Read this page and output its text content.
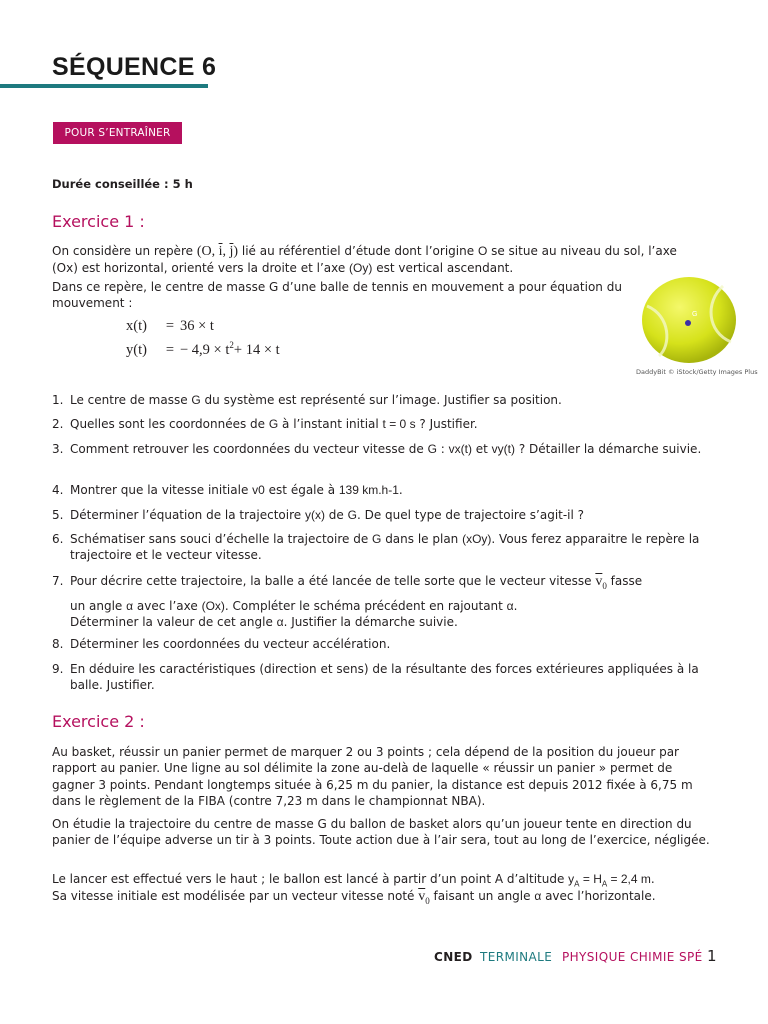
SÉQUENCE 6
POUR S’ENTRAÎNER
Durée conseillée : 5 h
Exercice 1 :
On considère un repère (O, $\overline{i}$, $\overline{j}$) lié au référentiel d’étude dont l’origine O se situe au niveau du sol, l’axe (Ox) est horizontal, orienté vers la droite et l’axe (Oy) est vertical ascendant.
Dans ce repère, le centre de masse G d’une balle de tennis en mouvement a pour équation du mouvement :
x(t) = 36 × t
y(t) = − $4,9 \times t^2+ 14 \times t$
G
DaddyBit © iStock/Getty Images Plus
1. Le centre de masse G du système est représenté sur l’image. Justifier sa position.
2. Quelles sont les coordonnées de G à l’instant initial t = 0 s ? Justifier.
3. Comment retrouver les coordonnées du vecteur vitesse de G : vx(t) et vy(t) ? Détailler la démarche suivie.
4. Montrer que la vitesse initiale v0 est égale à 139 km.h-1.
5. Déterminer l’équation de la trajectoire y(x) de G. De quel type de trajectoire s’agit-il ?
6. Schématiser sans souci d’échelle la trajectoire de G dans le plan (xOy). Vous ferez apparaitre le repère la trajectoire et le vecteur vitesse.
7. Pour décrire cette trajectoire, la balle a été lancée de telle sorte que le vecteur vitesse $\overline{v}_0$ fasse
un angle α avec l’axe (Ox). Compléter le schéma précédent en rajoutant α.
Déterminer la valeur de cet angle α. Justifier la démarche suivie.
8. Déterminer les coordonnées du vecteur accélération.
9. En déduire les caractéristiques (direction et sens) de la résultante des forces extérieures appliquées à la balle. Justifier.
Exercice 2 :
Au basket, réussir un panier permet de marquer 2 ou 3 points ; cela dépend de la position du joueur par rapport au panier. Une ligne au sol délimite la zone au-delà de laquelle « réussir un panier » permet de gagner 3 points. Pendant longtemps située à 6,25 m du panier, la distance est depuis 2012 fixée à 6,75 m dans le règlement de la FIBA (contre 7,23 m dans le championnat NBA).
On étudie la trajectoire du centre de masse G du ballon de basket alors qu’un joueur tente en direction du panier de l’équipe adverse un tir à 3 points. Toute action due à l’air sera, tout au long de l’exercice, négligée.
Le lancer est effectué vers le haut ; le ballon est lancé à partir d’un point A d’altitude $y_A = H_A = 2,4$ m.
Sa vitesse initiale est modélisée par un vecteur vitesse noté $\overline{v}_0$ faisant un angle α avec l’horizontale.
CNED TERMINALE PHYSIQUE CHIMIE SPÉ 1
